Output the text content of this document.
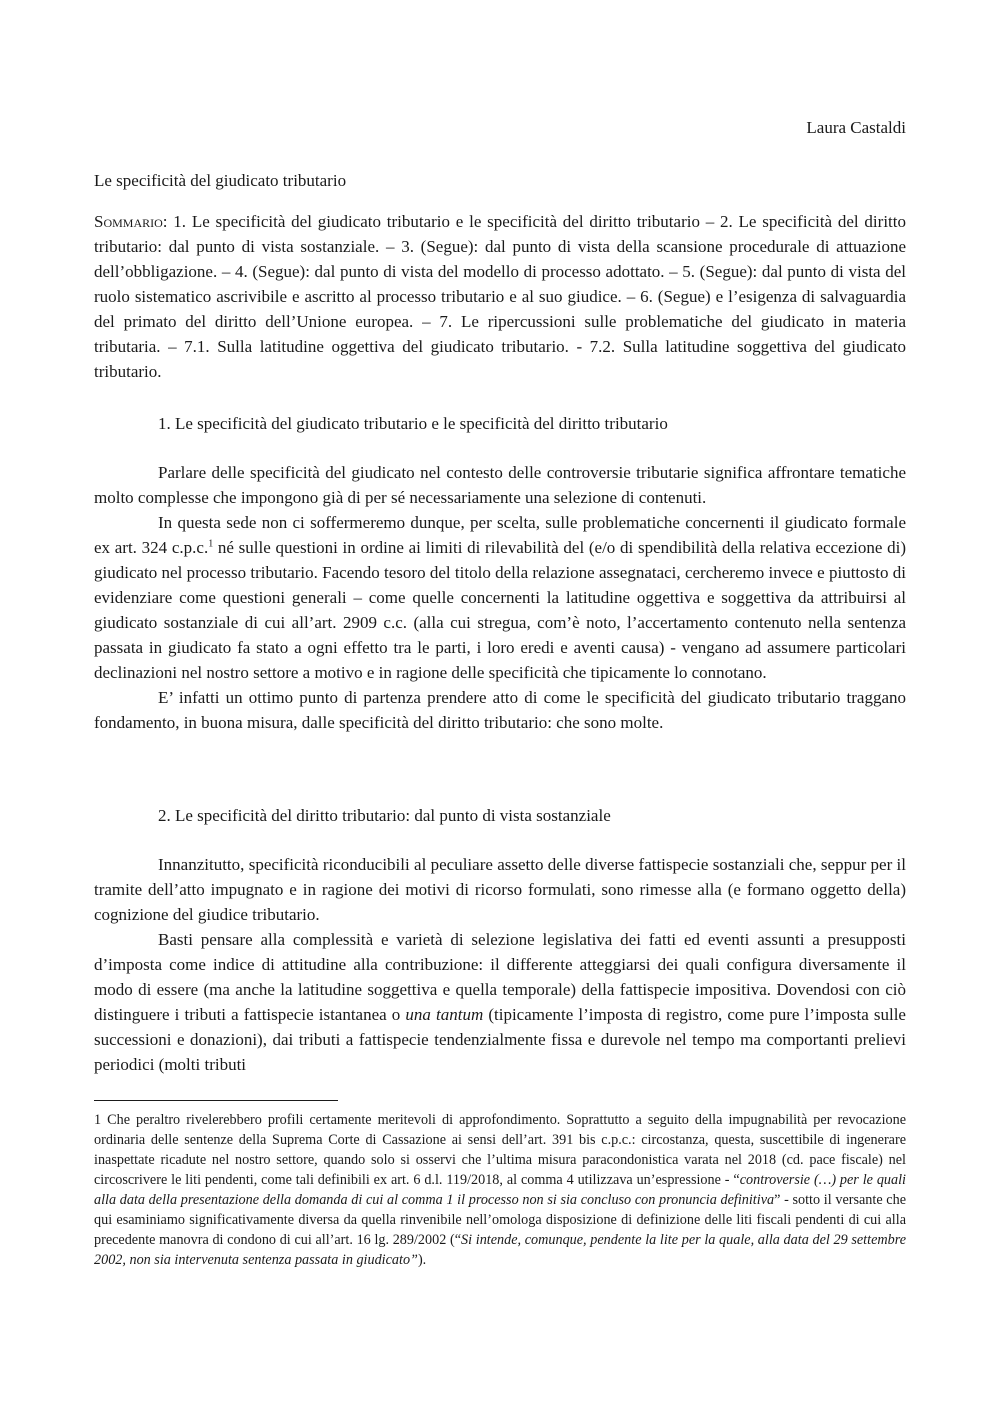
Laura Castaldi

Le specificità del giudicato tributario

Sommario: 1. Le specificità del giudicato tributario e le specificità del diritto tributario – 2. Le specificità del diritto tributario: dal punto di vista sostanziale. – 3. (Segue): dal punto di vista della scansione procedurale di attuazione dell’obbligazione. – 4. (Segue): dal punto di vista del modello di processo adottato. – 5. (Segue): dal punto di vista del ruolo sistematico ascrivibile e ascritto al processo tributario e al suo giudice. – 6. (Segue) e l’esigenza di salvaguardia del primato del diritto dell’Unione europea. – 7. Le ripercussioni sulle problematiche del giudicato in materia tributaria. – 7.1. Sulla latitudine oggettiva del giudicato tributario. - 7.2. Sulla latitudine soggettiva del giudicato tributario.

1. Le specificità del giudicato tributario e le specificità del diritto tributario

Parlare delle specificità del giudicato nel contesto delle controversie tributarie significa affrontare tematiche molto complesse che impongono già di per sé necessariamente una selezione di contenuti.

In questa sede non ci soffermeremo dunque, per scelta, sulle problematiche concernenti il giudicato formale ex art. 324 c.p.c.$^1$ né sulle questioni in ordine ai limiti di rilevabilità del (e/o di spendibilità della relativa eccezione di) giudicato nel processo tributario. Facendo tesoro del titolo della relazione assegnataci, cercheremo invece e piuttosto di evidenziare come questioni generali – come quelle concernenti la latitudine oggettiva e soggettiva da attribuirsi al giudicato sostanziale di cui all’art. 2909 c.c. (alla cui stregua, com’è noto, l’accertamento contenuto nella sentenza passata in giudicato fa stato a ogni effetto tra le parti, i loro eredi e aventi causa) - vengano ad assumere particolari declinazioni nel nostro settore a motivo e in ragione delle specificità che tipicamente lo connotano.

E’ infatti un ottimo punto di partenza prendere atto di come le specificità del giudicato tributario traggano fondamento, in buona misura, dalle specificità del diritto tributario: che sono molte.

2. Le specificità del diritto tributario: dal punto di vista sostanziale

Innanzitutto, specificità riconducibili al peculiare assetto delle diverse fattispecie sostanziali che, seppur per il tramite dell’atto impugnato e in ragione dei motivi di ricorso formulati, sono rimesse alla (e formano oggetto della) cognizione del giudice tributario.

Basti pensare alla complessità e varietà di selezione legislativa dei fatti ed eventi assunti a presupposti d’imposta come indice di attitudine alla contribuzione: il differente atteggiarsi dei quali configura diversamente il modo di essere (ma anche la latitudine soggettiva e quella temporale) della fattispecie impositiva. Dovendosi con ciò distinguere i tributi a fattispecie istantanea o una tantum (tipicamente l’imposta di registro, come pure l’imposta sulle successioni e donazioni), dai tributi a fattispecie tendenzialmente fissa e durevole nel tempo ma comportanti prelievi periodici (molti tributi

1 Che peraltro rivelerebbero profili certamente meritevoli di approfondimento. Soprattutto a seguito della impugnabilità per revocazione ordinaria delle sentenze della Suprema Corte di Cassazione ai sensi dell’art. 391 bis c.p.c.: circostanza, questa, suscettibile di ingenerare inaspettate ricadute nel nostro settore, quando solo si osservi che l’ultima misura paracondonistica varata nel 2018 (cd. pace fiscale) nel circoscrivere le liti pendenti, come tali definibili ex art. 6 d.l. 119/2018, al comma 4 utilizzava un’espressione - “controversie (…) per le quali alla data della presentazione della domanda di cui al comma 1 il processo non si sia concluso con pronuncia definitiva” - sotto il versante che qui esaminiamo significativamente diversa da quella rinvenibile nell’omologa disposizione di definizione delle liti fiscali pendenti di cui alla precedente manovra di condono di cui all’art. 16 lg. 289/2002 (“Si intende, comunque, pendente la lite per la quale, alla data del 29 settembre 2002, non sia intervenuta sentenza passata in giudicato”).
